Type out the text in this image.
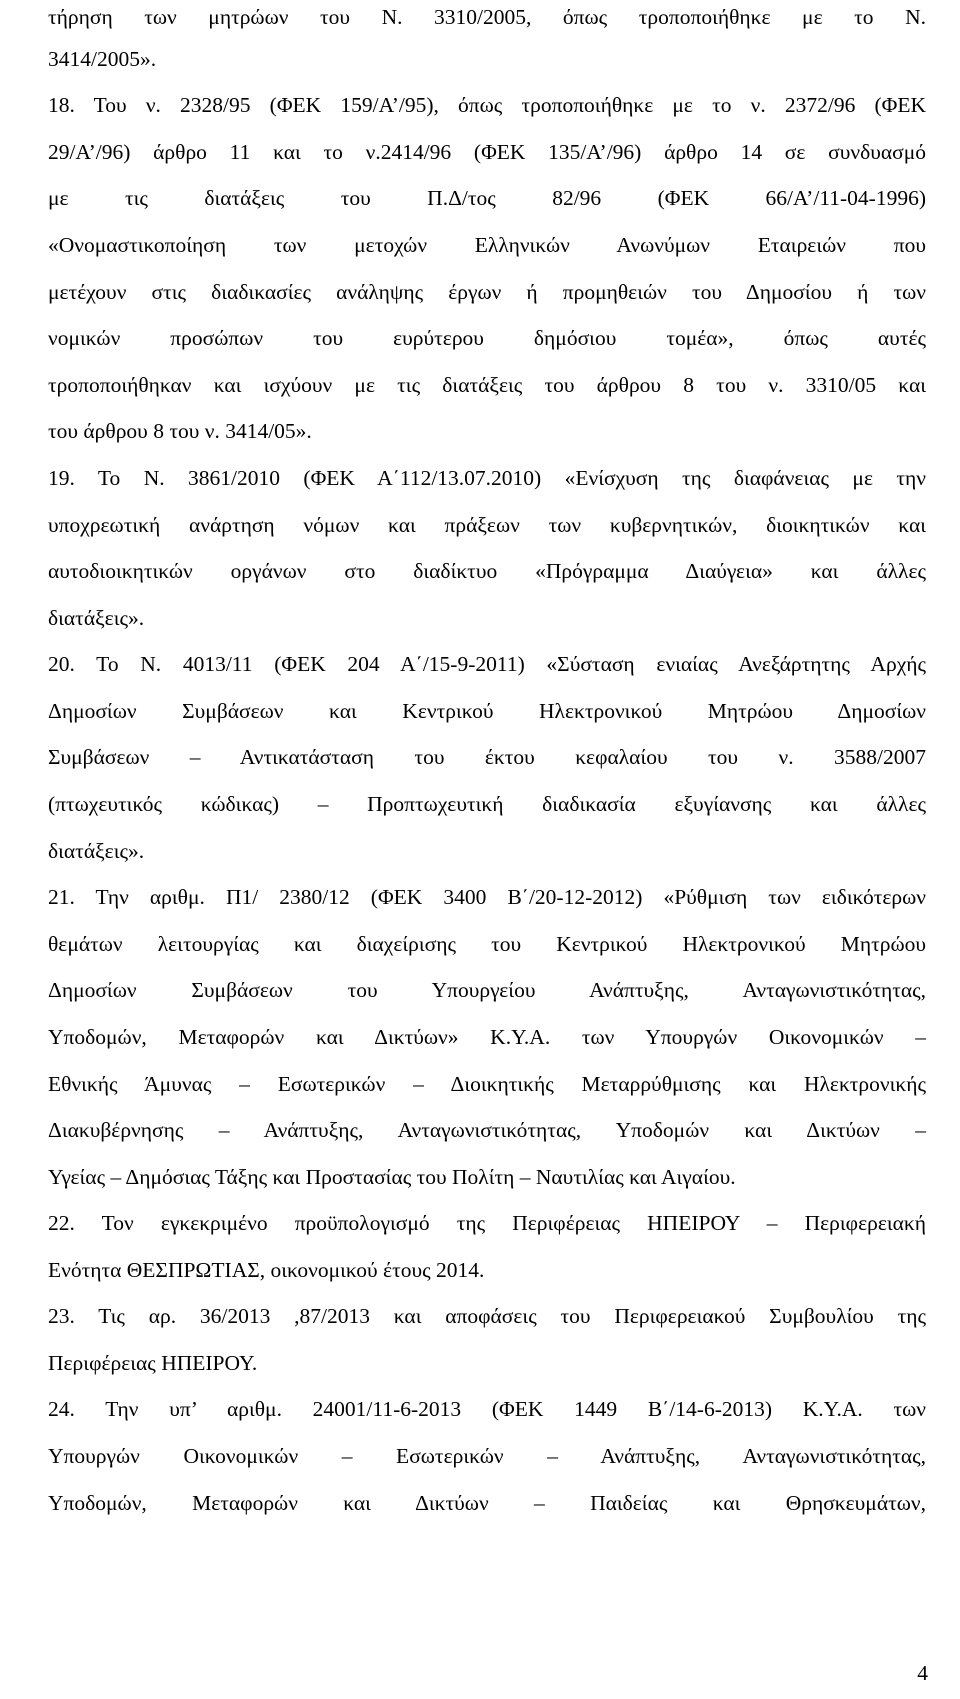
τήρηση των μητρώων του Ν. 3310/2005, όπως τροποποιήθηκε με το Ν.
3414/2005».
18. Του ν. 2328/95 (ΦΕΚ 159/Α’/95), όπως τροποποιήθηκε με το ν. 2372/96 (ΦΕΚ
29/Α’/96) άρθρο 11 και το ν.2414/96 (ΦΕΚ 135/Α’/96) άρθρο 14 σε συνδυασμό
με τις διατάξεις του Π.Δ/τος 82/96 (ΦΕΚ 66/Α’/11-04-1996)
«Ονομαστικοποίηση των μετοχών Ελληνικών Ανωνύμων Εταιρειών που
μετέχουν στις διαδικασίες ανάληψης έργων ή προμηθειών του Δημοσίου ή των
νομικών προσώπων του ευρύτερου δημόσιου τομέα», όπως αυτές
τροποποιήθηκαν και ισχύουν με τις διατάξεις του άρθρου 8 του ν. 3310/05 και
του άρθρου 8 του ν. 3414/05».
19. Το Ν. 3861/2010 (ΦΕΚ Α΄112/13.07.2010) «Ενίσχυση της διαφάνειας με την
υποχρεωτική ανάρτηση νόμων και πράξεων των κυβερνητικών, διοικητικών και
αυτοδιοικητικών οργάνων στο διαδίκτυο «Πρόγραμμα Διαύγεια» και άλλες
διατάξεις».
20. Το Ν. 4013/11 (ΦΕΚ 204 Α΄/15-9-2011) «Σύσταση ενιαίας Ανεξάρτητης Αρχής
Δημοσίων Συμβάσεων και Κεντρικού Ηλεκτρονικού Μητρώου Δημοσίων
Συμβάσεων – Αντικατάσταση του έκτου κεφαλαίου του ν. 3588/2007
(πτωχευτικός κώδικας) – Προπτωχευτική διαδικασία εξυγίανσης και άλλες
διατάξεις».
21. Την αριθμ. Π1/ 2380/12 (ΦΕΚ 3400 Β΄/20-12-2012) «Ρύθμιση των ειδικότερων
θεμάτων λειτουργίας και διαχείρισης του Κεντρικού Ηλεκτρονικού Μητρώου
Δημοσίων Συμβάσεων του Υπουργείου Ανάπτυξης, Ανταγωνιστικότητας,
Υποδομών, Μεταφορών και Δικτύων» Κ.Υ.Α. των Υπουργών Οικονομικών –
Εθνικής Άμυνας – Εσωτερικών – Διοικητικής Μεταρρύθμισης και Ηλεκτρονικής
Διακυβέρνησης – Ανάπτυξης, Ανταγωνιστικότητας, Υποδομών και Δικτύων –
Υγείας – Δημόσιας Τάξης και Προστασίας του Πολίτη – Ναυτιλίας και Αιγαίου.
22. Τον εγκεκριμένο προϋπολογισμό της Περιφέρειας ΗΠΕΙΡΟΥ – Περιφερειακή
Ενότητα ΘΕΣΠΡΩΤΙΑΣ, οικονομικού έτους 2014.
23. Τις αρ. 36/2013 ,87/2013 και αποφάσεις του Περιφερειακού Συμβουλίου της
Περιφέρειας ΗΠΕΙΡΟΥ.
24. Την υπ’ αριθμ. 24001/11-6-2013 (ΦΕΚ 1449 Β΄/14-6-2013) Κ.Υ.Α. των
Υπουργών Οικονομικών – Εσωτερικών – Ανάπτυξης, Ανταγωνιστικότητας,
Υποδομών, Μεταφορών και Δικτύων – Παιδείας και Θρησκευμάτων,
4
